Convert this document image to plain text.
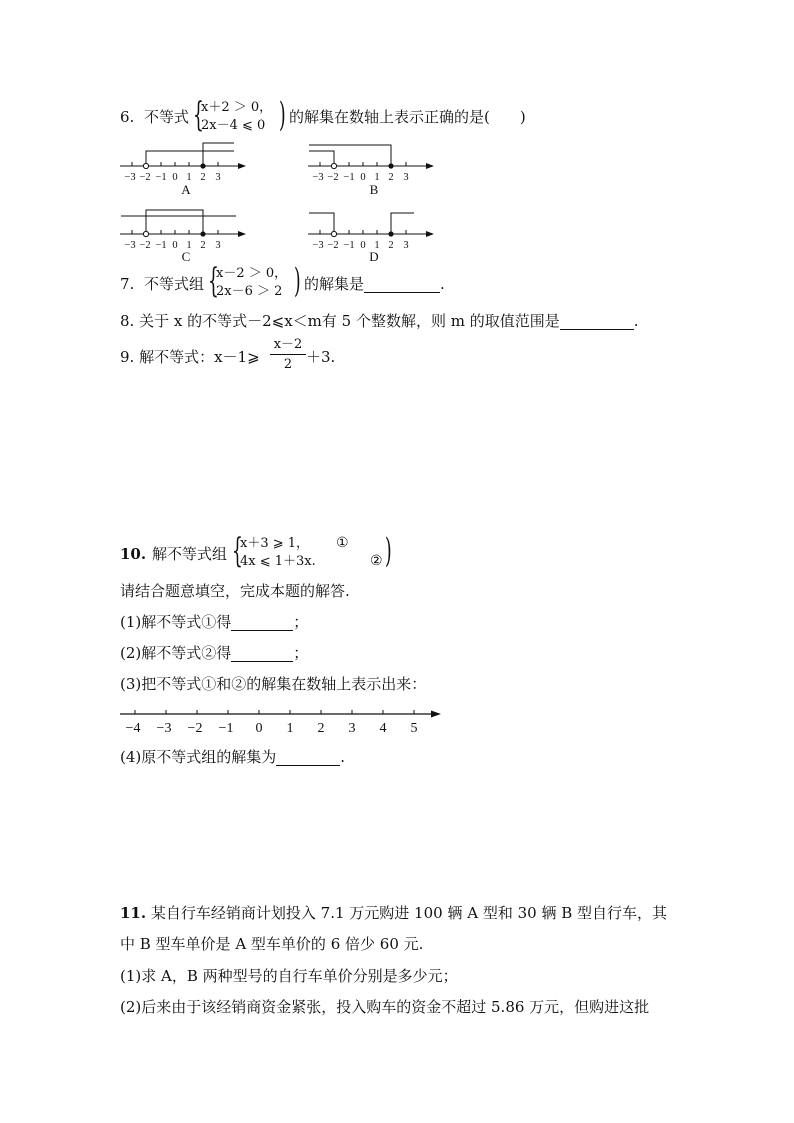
6. 不等式 {
x＋2 ＞ 0，
2x－4 ⩽ 0 ) 的解集在数轴上表示正确的是(　　)
−3 −2 −1 0 1 2 3
A
−3 −2 −1 0 1 2 3
B
−3 −2 −1 0 1 2 3
C
−3 −2 −1 0 1 2 3
D
7. 不等式组 {
x－2 ＞ 0，
2x－6 ＞ 2 ) 的解集是	.
8. 关于 x 的不等式－2⩽x＜m有 5 个整数解，则 m 的取值范围是	.
9. 解不等式：x－1⩾
x－2
2 ＋3.
10. 解不等式组 {
x＋3 ⩾ 1，
4x ⩽ 1＋3x.
①
② )
请结合题意填空，完成本题的解答.
(1)解不等式①得	；
(2)解不等式②得	；
(3)把不等式①和②的解集在数轴上表示出来：
−4 −3 −2 −1 0 1 2 3 4 5
(4)原不等式组的解集为	.
11. 某自行车经销商计划投入 7.1 万元购进 100 辆 A 型和 30 辆 B 型自行车，其
中 B 型车单价是 A 型车单价的 6 倍少 60 元.
(1)求 A，B 两种型号的自行车单价分别是多少元；
(2)后来由于该经销商资金紧张，投入购车的资金不超过 5.86 万元，但购进这批
